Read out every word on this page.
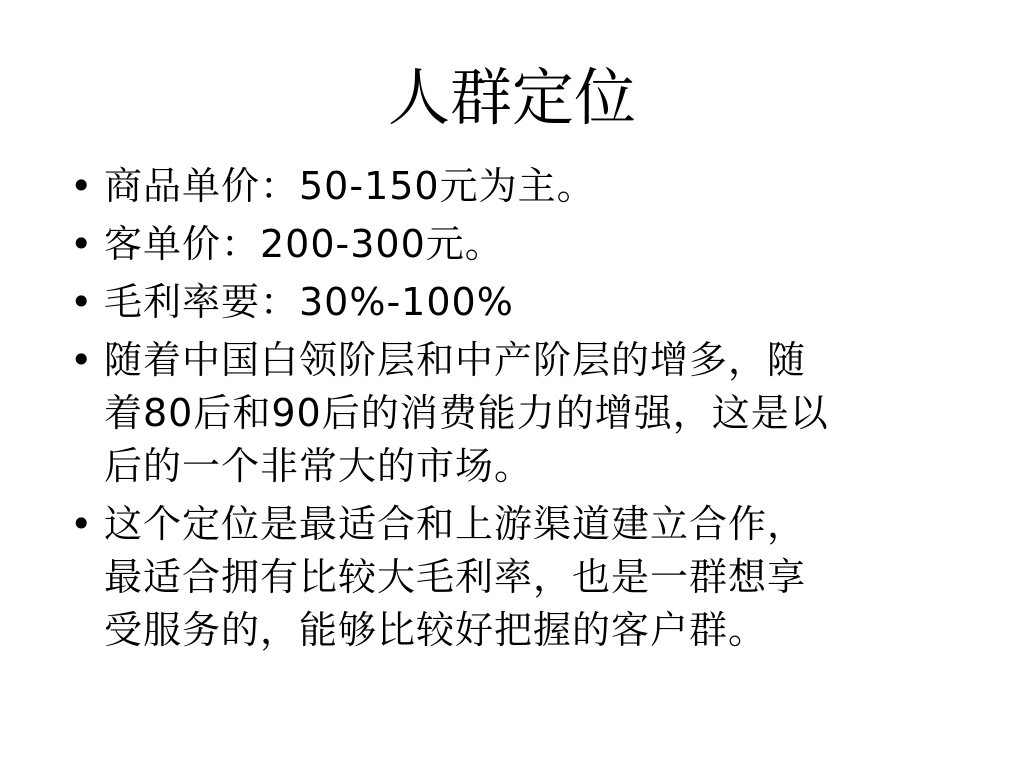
人群定位
• 商品单价：50-150元为主。
• 客单价：200-300元。
• 毛利率要：30%-100%
• 随着中国白领阶层和中产阶层的增多，随
着80后和90后的消费能力的增强，这是以
后的一个非常大的市场。
• 这个定位是最适合和上游渠道建立合作，
最适合拥有比较大毛利率，也是一群想享
受服务的，能够比较好把握的客户群。
